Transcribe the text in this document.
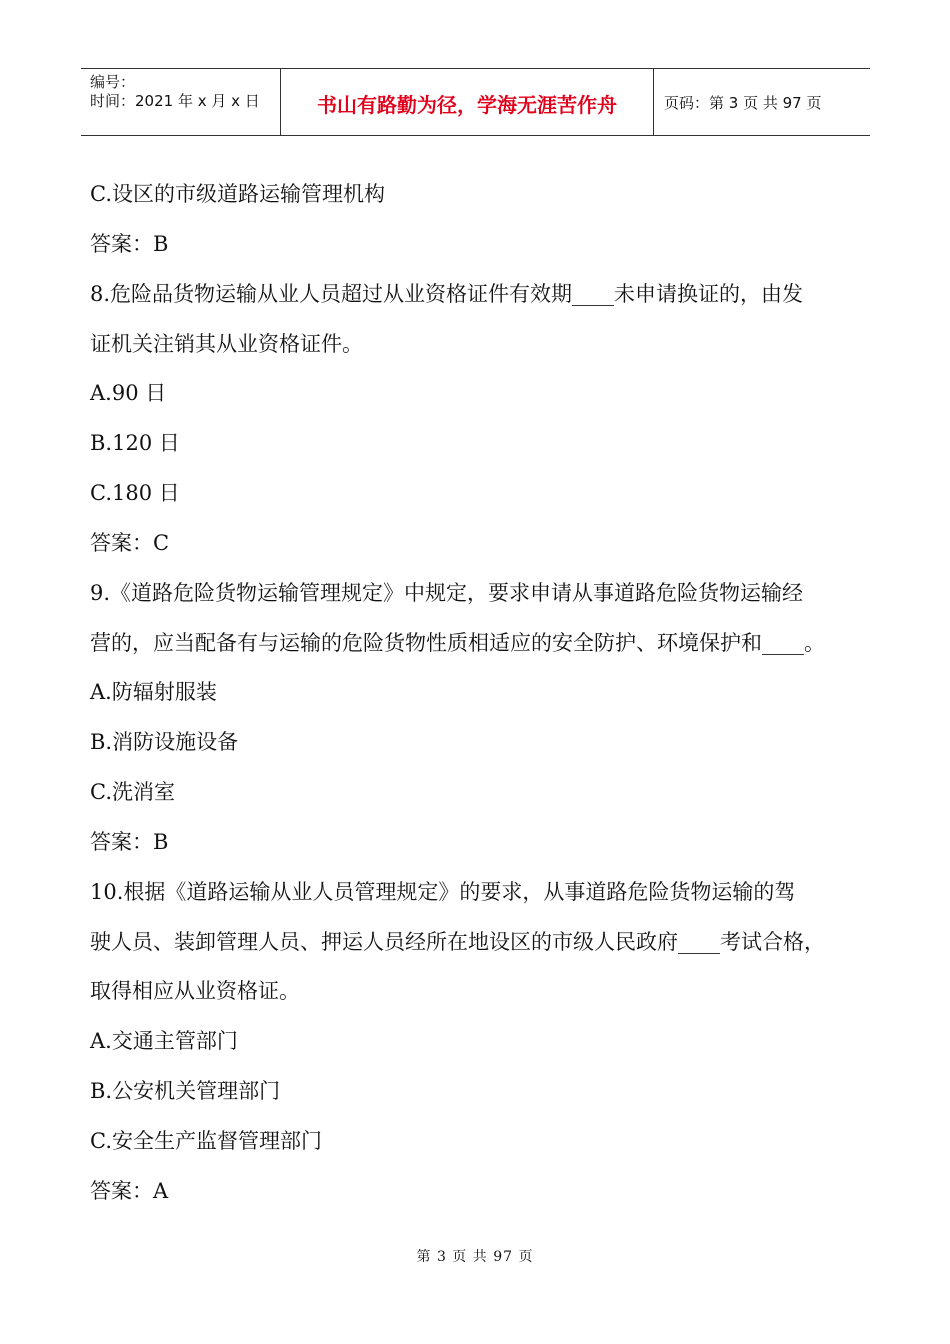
编号：
时间：2021 年 x 月 x 日	书山有路勤为径，学海无涯苦作舟	页码：第 3 页 共 97 页
C.设区的市级道路运输管理机构
答案：B
8.危险品货物运输从业人员超过从业资格证件有效期____未申请换证的，由发
证机关注销其从业资格证件。
A.90 日
B.120 日
C.180 日
答案：C
9.《道路危险货物运输管理规定》中规定，要求申请从事道路危险货物运输经
营的，应当配备有与运输的危险货物性质相适应的安全防护、环境保护和____。
A.防辐射服装
B.消防设施设备
C.洗消室
答案：B
10.根据《道路运输从业人员管理规定》的要求，从事道路危险货物运输的驾
驶人员、装卸管理人员、押运人员经所在地设区的市级人民政府____考试合格，
取得相应从业资格证。
A.交通主管部门
B.公安机关管理部门
C.安全生产监督管理部门
答案：A
第 3 页 共 97 页
